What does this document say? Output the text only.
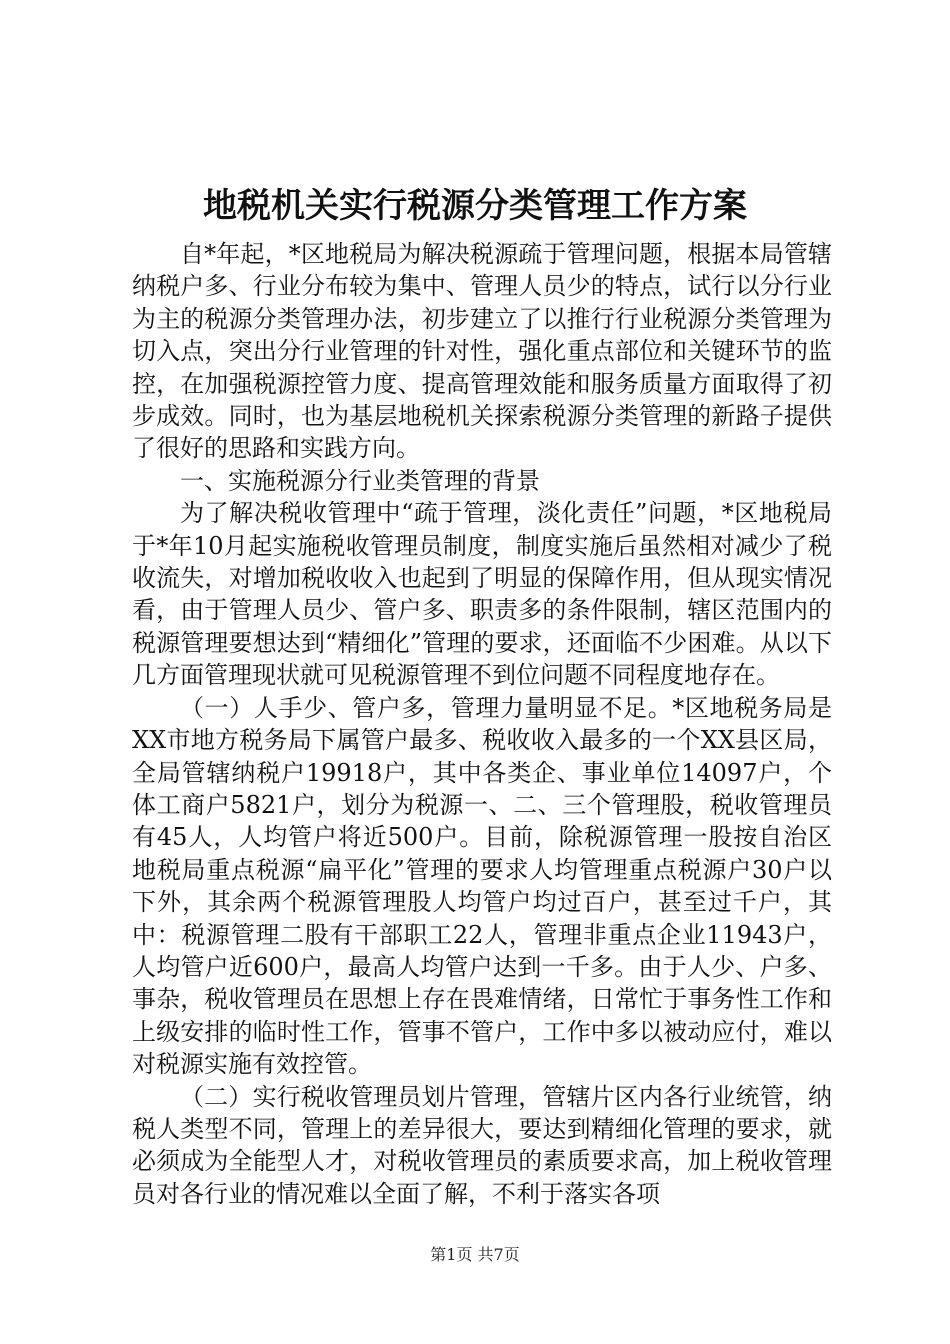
地税机关实行税源分类管理工作方案

自*年起，*区地税局为解决税源疏于管理问题，根据本局管辖纳税户多、行业分布较为集中、管理人员少的特点，试行以分行业为主的税源分类管理办法，初步建立了以推行行业税源分类管理为切入点，突出分行业管理的针对性，强化重点部位和关键环节的监控，在加强税源控管力度、提高管理效能和服务质量方面取得了初步成效。同时，也为基层地税机关探索税源分类管理的新路子提供了很好的思路和实践方向。

一、实施税源分行业类管理的背景

为了解决税收管理中“疏于管理，淡化责任”问题，*区地税局于*年10月起实施税收管理员制度，制度实施后虽然相对减少了税收流失，对增加税收收入也起到了明显的保障作用，但从现实情况看，由于管理人员少、管户多、职责多的条件限制，辖区范围内的税源管理要想达到“精细化”管理的要求，还面临不少困难。从以下几方面管理现状就可见税源管理不到位问题不同程度地存在。

（一）人手少、管户多，管理力量明显不足。*区地税务局是XX市地方税务局下属管户最多、税收收入最多的一个XX县区局，全局管辖纳税户19918户，其中各类企、事业单位14097户，个体工商户5821户，划分为税源一、二、三个管理股，税收管理员有45人，人均管户将近500户。目前，除税源管理一股按自治区地税局重点税源“扁平化”管理的要求人均管理重点税源户30户以下外，其余两个税源管理股人均管户均过百户，甚至过千户，其中：税源管理二股有干部职工22人，管理非重点企业11943户，人均管户近600户，最高人均管户达到一千多。由于人少、户多、事杂，税收管理员在思想上存在畏难情绪，日常忙于事务性工作和上级安排的临时性工作，管事不管户，工作中多以被动应付，难以对税源实施有效控管。

（二）实行税收管理员划片管理，管辖片区内各行业统管，纳税人类型不同，管理上的差异很大，要达到精细化管理的要求，就必须成为全能型人才，对税收管理员的素质要求高，加上税收管理员对各行业的情况难以全面了解，不利于落实各项

第1页 共7页
